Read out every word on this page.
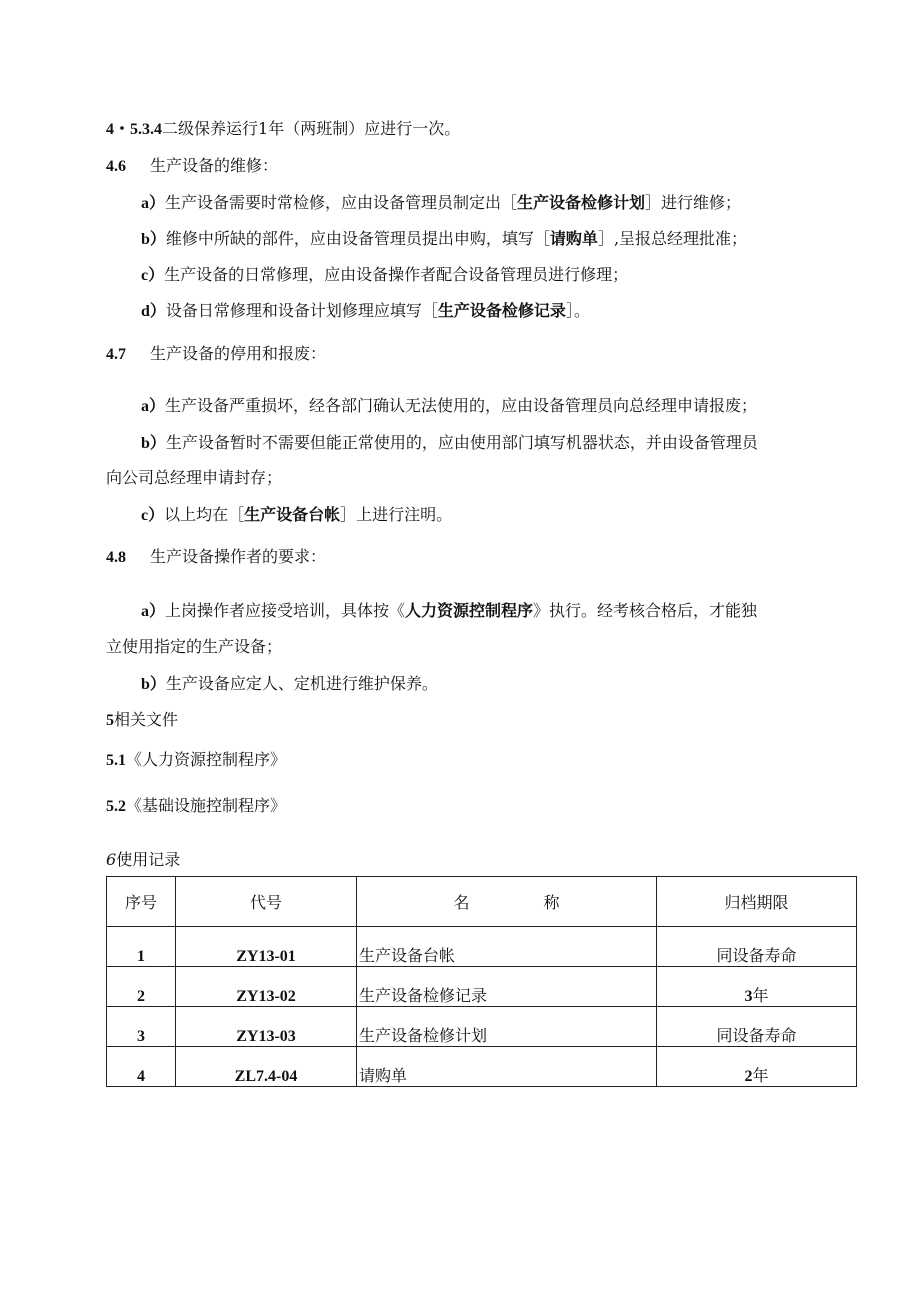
4・5.3.4二级保养运行1年（两班制）应进行一次。
4.6 生产设备的维修：
a）生产设备需要时常检修，应由设备管理员制定出［生产设备检修计划］进行维修；
b）维修中所缺的部件，应由设备管理员提出申购，填写［请购单］,呈报总经理批准；
c）生产设备的日常修理，应由设备操作者配合设备管理员进行修理；
d）设备日常修理和设备计划修理应填写［生产设备检修记录］。
4.7 生产设备的停用和报废：
a）生产设备严重损坏，经各部门确认无法使用的，应由设备管理员向总经理申请报废；
b）生产设备暂时不需要但能正常使用的，应由使用部门填写机器状态，并由设备管理员
向公司总经理申请封存；
c）以上均在［生产设备台帐］上进行注明。
4.8 生产设备操作者的要求：
a）上岗操作者应接受培训，具体按《人力资源控制程序》执行。经考核合格后，才能独
立使用指定的生产设备；
b）生产设备应定人、定机进行维护保养。
5相关文件
5.1《人力资源控制程序》
5.2《基础设施控制程序》
6使用记录
序号	代号	名 称	归档期限
1	ZY13-01	生产设备台帐	同设备寿命
2	ZY13-02	生产设备检修记录	3年
3	ZY13-03	生产设备检修计划	同设备寿命
4	ZL7.4-04	请购单	2年
